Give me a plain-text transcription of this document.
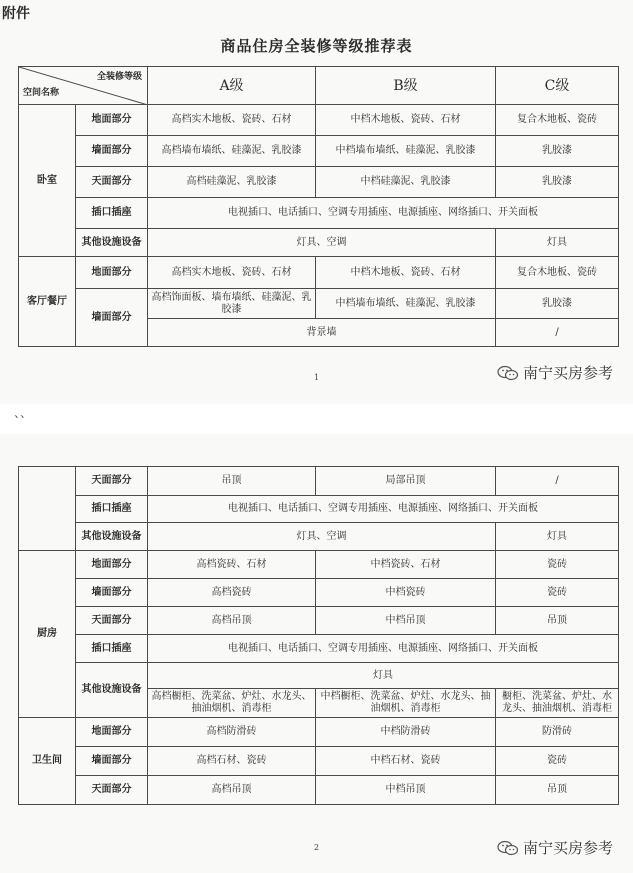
附件
商品住房全装修等级推荐表
全装修等级
空间名称		A级	B级	C级
卧室	地面部分	高档实木地板、瓷砖、石材	中档木地板、瓷砖、石材	复合木地板、瓷砖
	墙面部分	高档墙布墙纸、硅藻泥、乳胶漆	中档墙布墙纸、硅藻泥、乳胶漆	乳胶漆
	天面部分	高档硅藻泥、乳胶漆	中档硅藻泥、乳胶漆	乳胶漆
	插口插座	电视插口、电话插口、空调专用插座、电源插座、网络插口、开关面板		
	其他设施设备	灯具、空调		灯具
客厅餐厅	地面部分	高档实木地板、瓷砖、石材	中档木地板、瓷砖、石材	复合木地板、瓷砖
	墙面部分	高档饰面板、墙布墙纸、硅藻泥、乳胶漆	中档墙布墙纸、硅藻泥、乳胶漆	乳胶漆
		背景墙		/
1	南宁买房参考
、、
	天面部分	吊顶	局部吊顶	/
	插口插座	电视插口、电话插口、空调专用插座、电源插座、网络插口、开关面板		
	其他设施设备	灯具、空调		灯具
厨房	地面部分	高档瓷砖、石材	中档瓷砖、石材	瓷砖
	墙面部分	高档瓷砖	中档瓷砖	瓷砖
	天面部分	高档吊顶	中档吊顶	吊顶
	插口插座	电视插口、电话插口、空调专用插座、电源插座、网络插口、开关面板		
	其他设施设备	灯具		
		高档橱柜、洗菜盆、炉灶、水龙头、抽油烟机、消毒柜	中档橱柜、洗菜盆、炉灶、水龙头、抽油烟机、消毒柜	橱柜、洗菜盆、炉灶、水龙头、抽油烟机、消毒柜
卫生间	地面部分	高档防滑砖	中档防滑砖	防滑砖
	墙面部分	高档石材、瓷砖	中档石材、瓷砖	瓷砖
	天面部分	高档吊顶	中档吊顶	吊顶
2	南宁买房参考
